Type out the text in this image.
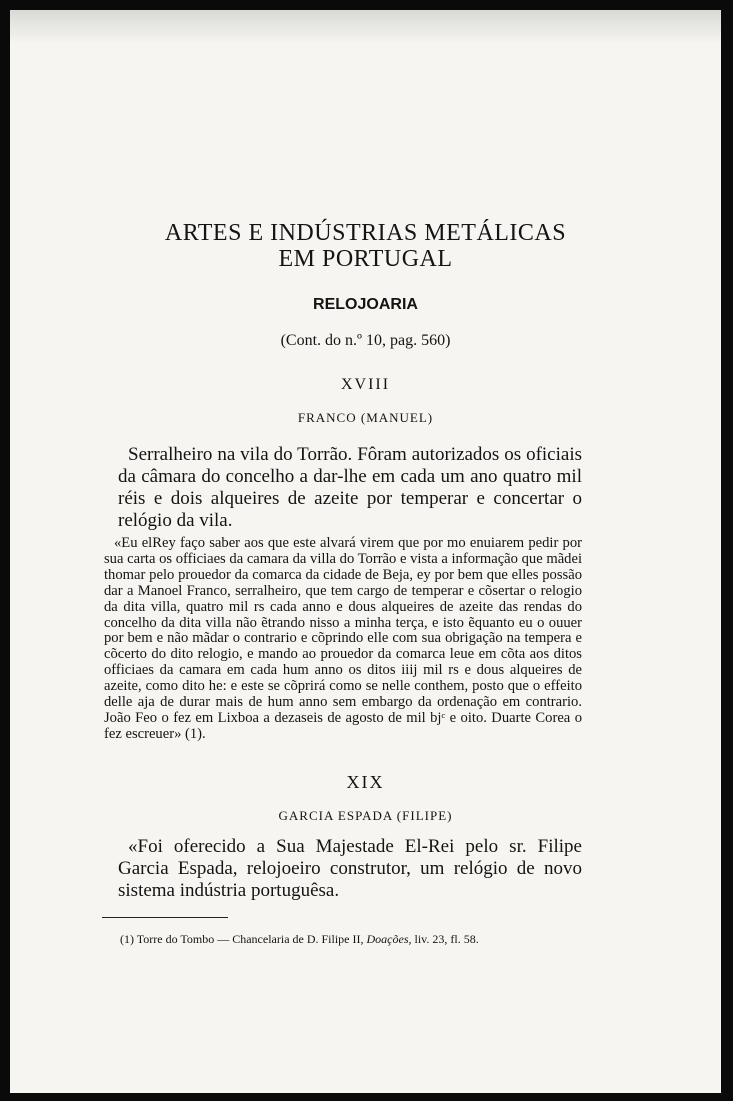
ARTES E INDÚSTRIAS METÁLICAS
EM PORTUGAL
RELOJOARIA
(Cont. do n.º 10, pag. 560)
XVIII
FRANCO (MANUEL)

Serralheiro na vila do Torrão. Fôram autorizados os oficiais da câmara do concelho a dar-lhe em cada um ano quatro mil réis e dois alqueires de azeite por temperar e concertar o relógio da vila.

«Eu elRey faço saber aos que este alvará virem que por mo enuiarem pedir por sua carta os officiaes da camara da villa do Torrão e vista a informação que mãdei thomar pelo prouedor da comarca da cidade de Beja, ey por bem que elles possão dar a Manoel Franco, serralheiro, que tem cargo de temperar e cõsertar o relogio da dita villa, quatro mil rs cada anno e dous alqueires de azeite das rendas do concelho da dita villa não ẽtrando nisso a minha terça, e isto ẽquanto eu o ouuer por bem e não mãdar o contrario e cõprindo elle com sua obrigação na tempera e cõcerto do dito relogio, e mando ao prouedor da comarca leue em cõta aos ditos officiaes da camara em cada hum anno os ditos iiij mil rs e dous alqueires de azeite, como dito he: e este se cõprirá como se nelle conthem, posto que o effeito delle aja de durar mais de hum anno sem embargo da ordenação em contrario. João Feo o fez em Lixboa a dezaseis de agosto de mil bjᶜ e oito. Duarte Corea o fez escreuer» (1).

XIX
GARCIA ESPADA (FILIPE)

«Foi oferecido a Sua Majestade El-Rei pelo sr. Filipe Garcia Espada, relojoeiro construtor, um relógio de novo sistema indústria portuguêsa.

(1) Torre do Tombo — Chancelaria de D. Filipe II, Doações, liv. 23, fl. 58.
